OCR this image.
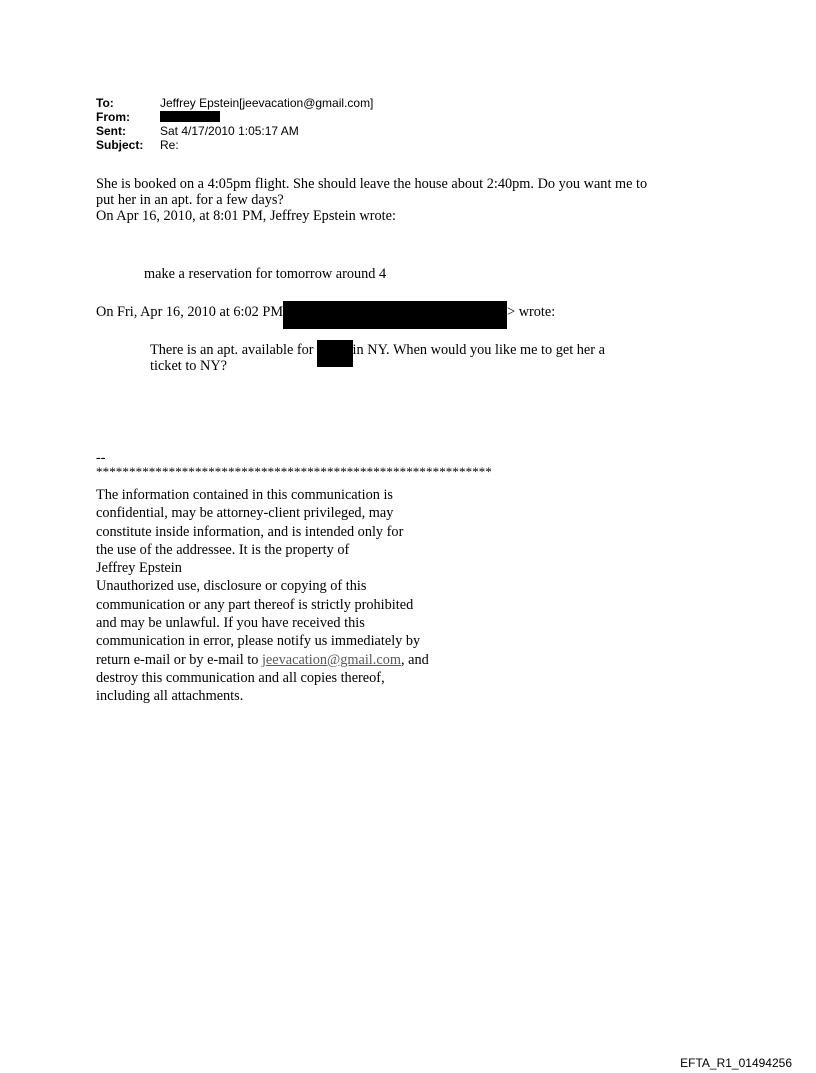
To:	Jeffrey Epstein[jeevacation@gmail.com]
From:
Sent:	Sat 4/17/2010 1:05:17 AM
Subject:	Re:
She is booked on a 4:05pm flight. She should leave the house about 2:40pm. Do you want me to
put her in an apt. for a few days?
On Apr 16, 2010, at 8:01 PM, Jeffrey Epstein wrote:
make a reservation for tomorrow around 4
On Fri, Apr 16, 2010 at 6:02 PM	> wrote:
There is an apt. available for	in NY. When would you like me to get her a
ticket to NY?
--
************************************************************
The information contained in this communication is
confidential, may be attorney-client privileged, may
constitute inside information, and is intended only for
the use of the addressee. It is the property of
Jeffrey Epstein
Unauthorized use, disclosure or copying of this
communication or any part thereof is strictly prohibited
and may be unlawful. If you have received this
communication in error, please notify us immediately by
return e-mail or by e-mail to jeevacation@gmail.com, and
destroy this communication and all copies thereof,
including all attachments.
EFTA_R1_01494256
